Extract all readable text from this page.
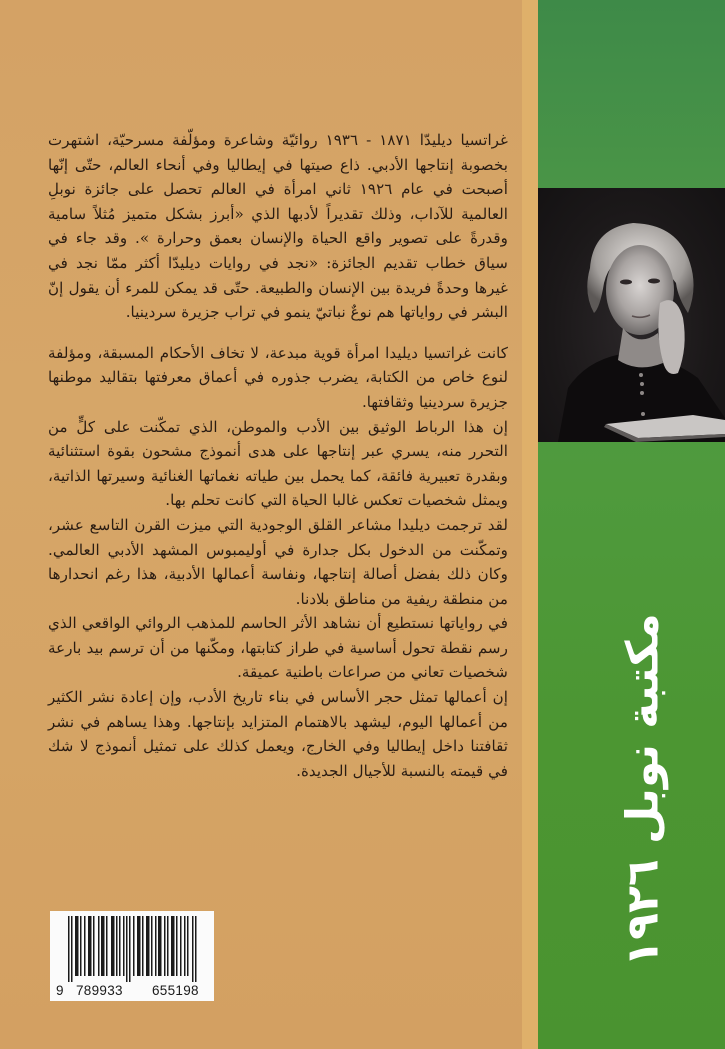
غراتسيا ديليدّا ١٨٧١ - ١٩٣٦ روائيّة وشاعرة ومؤلّفة مسرحيّة، اشتهرت بخصوبة إنتاجها الأدبي. ذاع صيتها في إيطاليا وفي أنحاء العالم، حتّى إنّها أصبحت في عام ١٩٢٦ ثاني امرأة في العالم تحصل على جائزة نوبلِ العالمية للآداب، وذلك تقديراً لأدبها الذي «أبرز بشكل متميز مُثلاً سامية وقدرةً على تصوير واقع الحياة والإنسان بعمق وحرارة ». وقد جاء في سياق خطاب تقديم الجائزة: «نجد في روايات ديليدّا أكثر ممّا نجد في غيرها وحدةً فريدة بين الإنسان والطبيعة. حتّى قد يمكن للمرء أن يقول إنّ البشر في رواياتها هم نوعٌ نباتيّ ينمو في تراب جزيرة سردينيا.

كانت غراتسيا ديليدا امرأة قوية مبدعة، لا تخاف الأحكام المسبقة، ومؤلفة لنوع خاص من الكتابة، يضرب جذوره في أعماق معرفتها بتقاليد موطنها جزيرة سردينيا وثقافتها.

إن هذا الرباط الوثيق بين الأدب والموطن، الذي تمكّنت على كلٍّ من التحرر منه، يسري عبر إنتاجها على هدى أنموذج مشحون بقوة استثنائية وبقدرة تعبيرية فائقة، كما يحمل بين طياته نغماتها الغنائية وسيرتها الذاتية، ويمثل شخصيات تعكس غالبا الحياة التي كانت تحلم بها.

لقد ترجمت ديليدا مشاعر القلق الوجودية التي ميزت القرن التاسع عشر، وتمكّنت من الدخول بكل جدارة في أوليمبوس المشهد الأدبي العالمي. وكان ذلك بفضل أصالة إنتاجها، ونفاسة أعمالها الأدبية، هذا رغم انحدارها من منطقة ريفية من مناطق بلادنا.

في رواياتها نستطيع أن نشاهد الأثر الحاسم للمذهب الروائي الواقعي الذي رسم نقطة تحول أساسية في طراز كتابتها، ومكّنها من أن ترسم بيد بارعة شخصيات تعاني من صراعات باطنية عميقة.

إن أعمالها تمثل حجر الأساس في بناء تاريخ الأدب، وإن إعادة نشر الكثير من أعمالها اليوم، ليشهد بالاهتمام المتزايد بإنتاجها. وهذا يساهم في نشر ثقافتنا داخل إيطاليا وفي الخارج، ويعمل كذلك على تمثيل أنموذج لا شك في قيمته بالنسبة للأجيال الجديدة.

9 789933	655198
مكتبة نوبل ١٩٢٦
